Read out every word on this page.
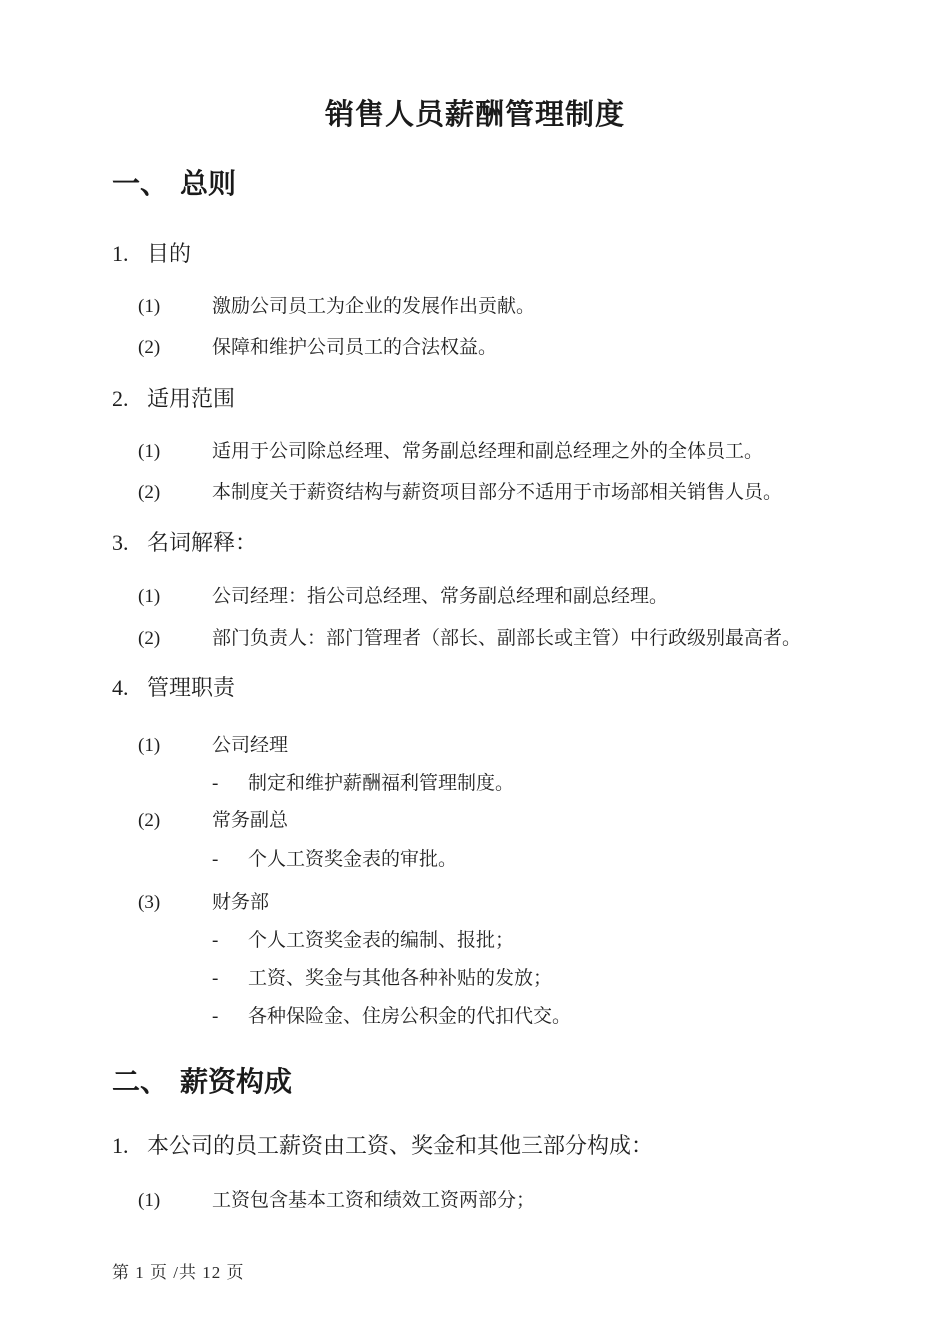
销售人员薪酬管理制度
一、 总则
1. 目的
(1)	激励公司员工为企业的发展作出贡献。
(2)	保障和维护公司员工的合法权益。
2. 适用范围
(1)	适用于公司除总经理、常务副总经理和副总经理之外的全体员工。
(2)	本制度关于薪资结构与薪资项目部分不适用于市场部相关销售人员。
3. 名词解释：
(1)	公司经理：指公司总经理、常务副总经理和副总经理。
(2)	部门负责人：部门管理者（部长、副部长或主管）中行政级别最高者。
4. 管理职责
(1)	公司经理
- 制定和维护薪酬福利管理制度。
(2)	常务副总
- 个人工资奖金表的审批。
(3)	财务部
- 个人工资奖金表的编制、报批；
- 工资、奖金与其他各种补贴的发放；
- 各种保险金、住房公积金的代扣代交。
二、 薪资构成
1. 本公司的员工薪资由工资、奖金和其他三部分构成：
(1)	工资包含基本工资和绩效工资两部分；
第 1 页 /共 12 页
